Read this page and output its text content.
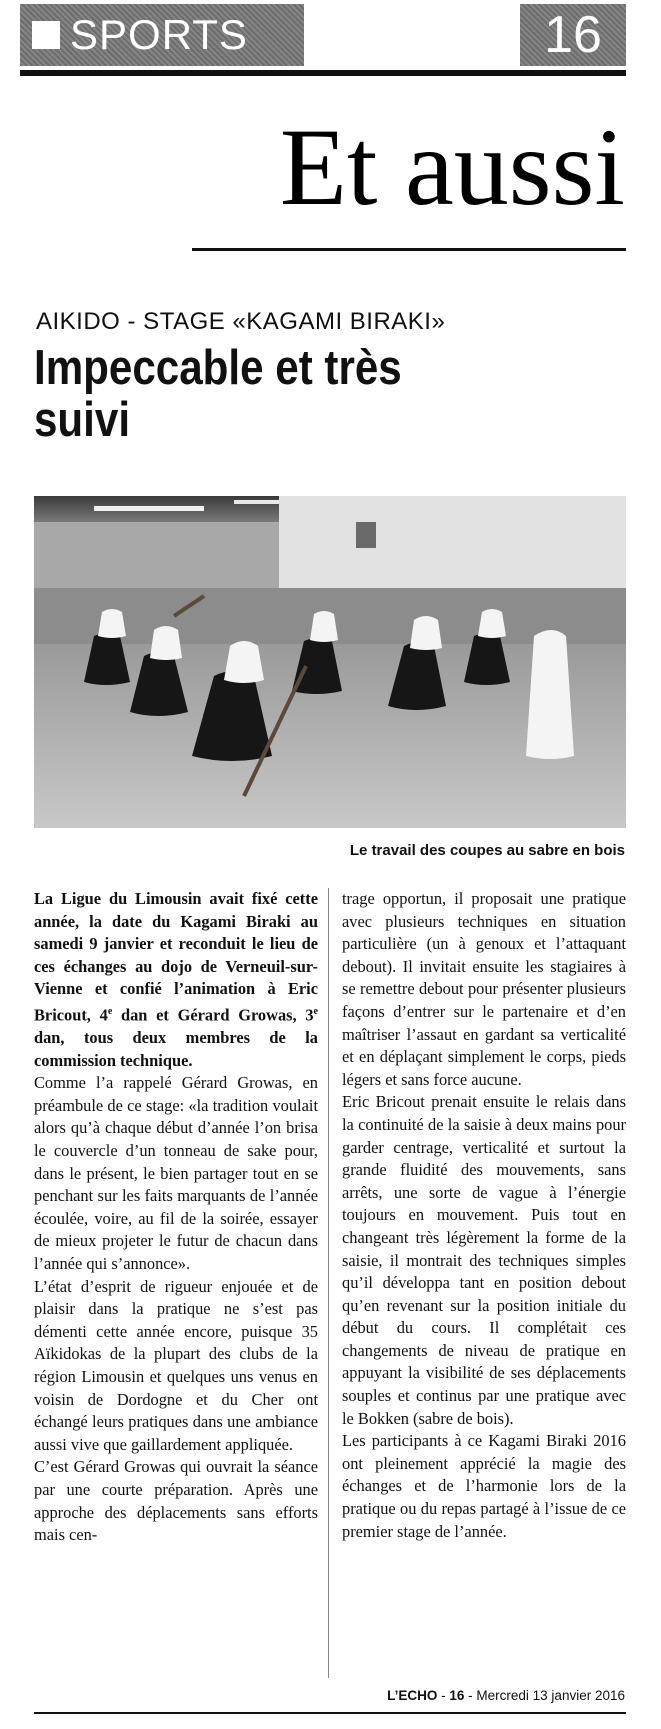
SPORTS	16
Et aussi
AIKIDO - STAGE «KAGAMI BIRAKI»
Impeccable et très suivi
Le travail des coupes au sabre en bois

La Ligue du Limousin avait fixé cette année, la date du Kagami Biraki au samedi 9 janvier et reconduit le lieu de ces échanges au dojo de Verneuil-sur-Vienne et confié l’animation à Eric Bricout, 4e dan et Gérard Growas, 3e dan, tous deux membres de la commission technique.

Comme l’a rappelé Gérard Growas, en préambule de ce stage: «la tradition voulait alors qu’à chaque début d’année l’on brisa le couvercle d’un tonneau de sake pour, dans le présent, le bien partager tout en se penchant sur les faits marquants de l’année écoulée, voire, au fil de la soirée, essayer de mieux projeter le futur de chacun dans l’année qui s’annonce».

L’état d’esprit de rigueur enjouée et de plaisir dans la pratique ne s’est pas démenti cette année encore, puisque 35 Aïkidokas de la plupart des clubs de la région Limousin et quelques uns venus en voisin de Dordogne et du Cher ont échangé leurs pratiques dans une ambiance aussi vive que gaillardement appliquée.

C’est Gérard Growas qui ouvrait la séance par une courte préparation. Après une approche des déplacements sans efforts mais cen-

trage opportun, il proposait une pratique avec plusieurs techniques en situation particulière (un à genoux et l’attaquant debout). Il invitait ensuite les stagiaires à se remettre debout pour présenter plusieurs façons d’entrer sur le partenaire et d’en maîtriser l’assaut en gardant sa verticalité et en déplaçant simplement le corps, pieds légers et sans force aucune.

Eric Bricout prenait ensuite le relais dans la continuité de la saisie à deux mains pour garder centrage, verticalité et surtout la grande fluidité des mouvements, sans arrêts, une sorte de vague à l’énergie toujours en mouvement. Puis tout en changeant très légèrement la forme de la saisie, il montrait des techniques simples qu’il développa tant en position debout qu’en revenant sur la position initiale du début du cours. Il complétait ces changements de niveau de pratique en appuyant la visibilité de ses déplacements souples et continus par une pratique avec le Bokken (sabre de bois).

Les participants à ce Kagami Biraki 2016 ont pleinement apprécié la magie des échanges et de l’harmonie lors de la pratique ou du repas partagé à l’issue de ce premier stage de l’année.

L’ECHO - 16 - Mercredi 13 janvier 2016
